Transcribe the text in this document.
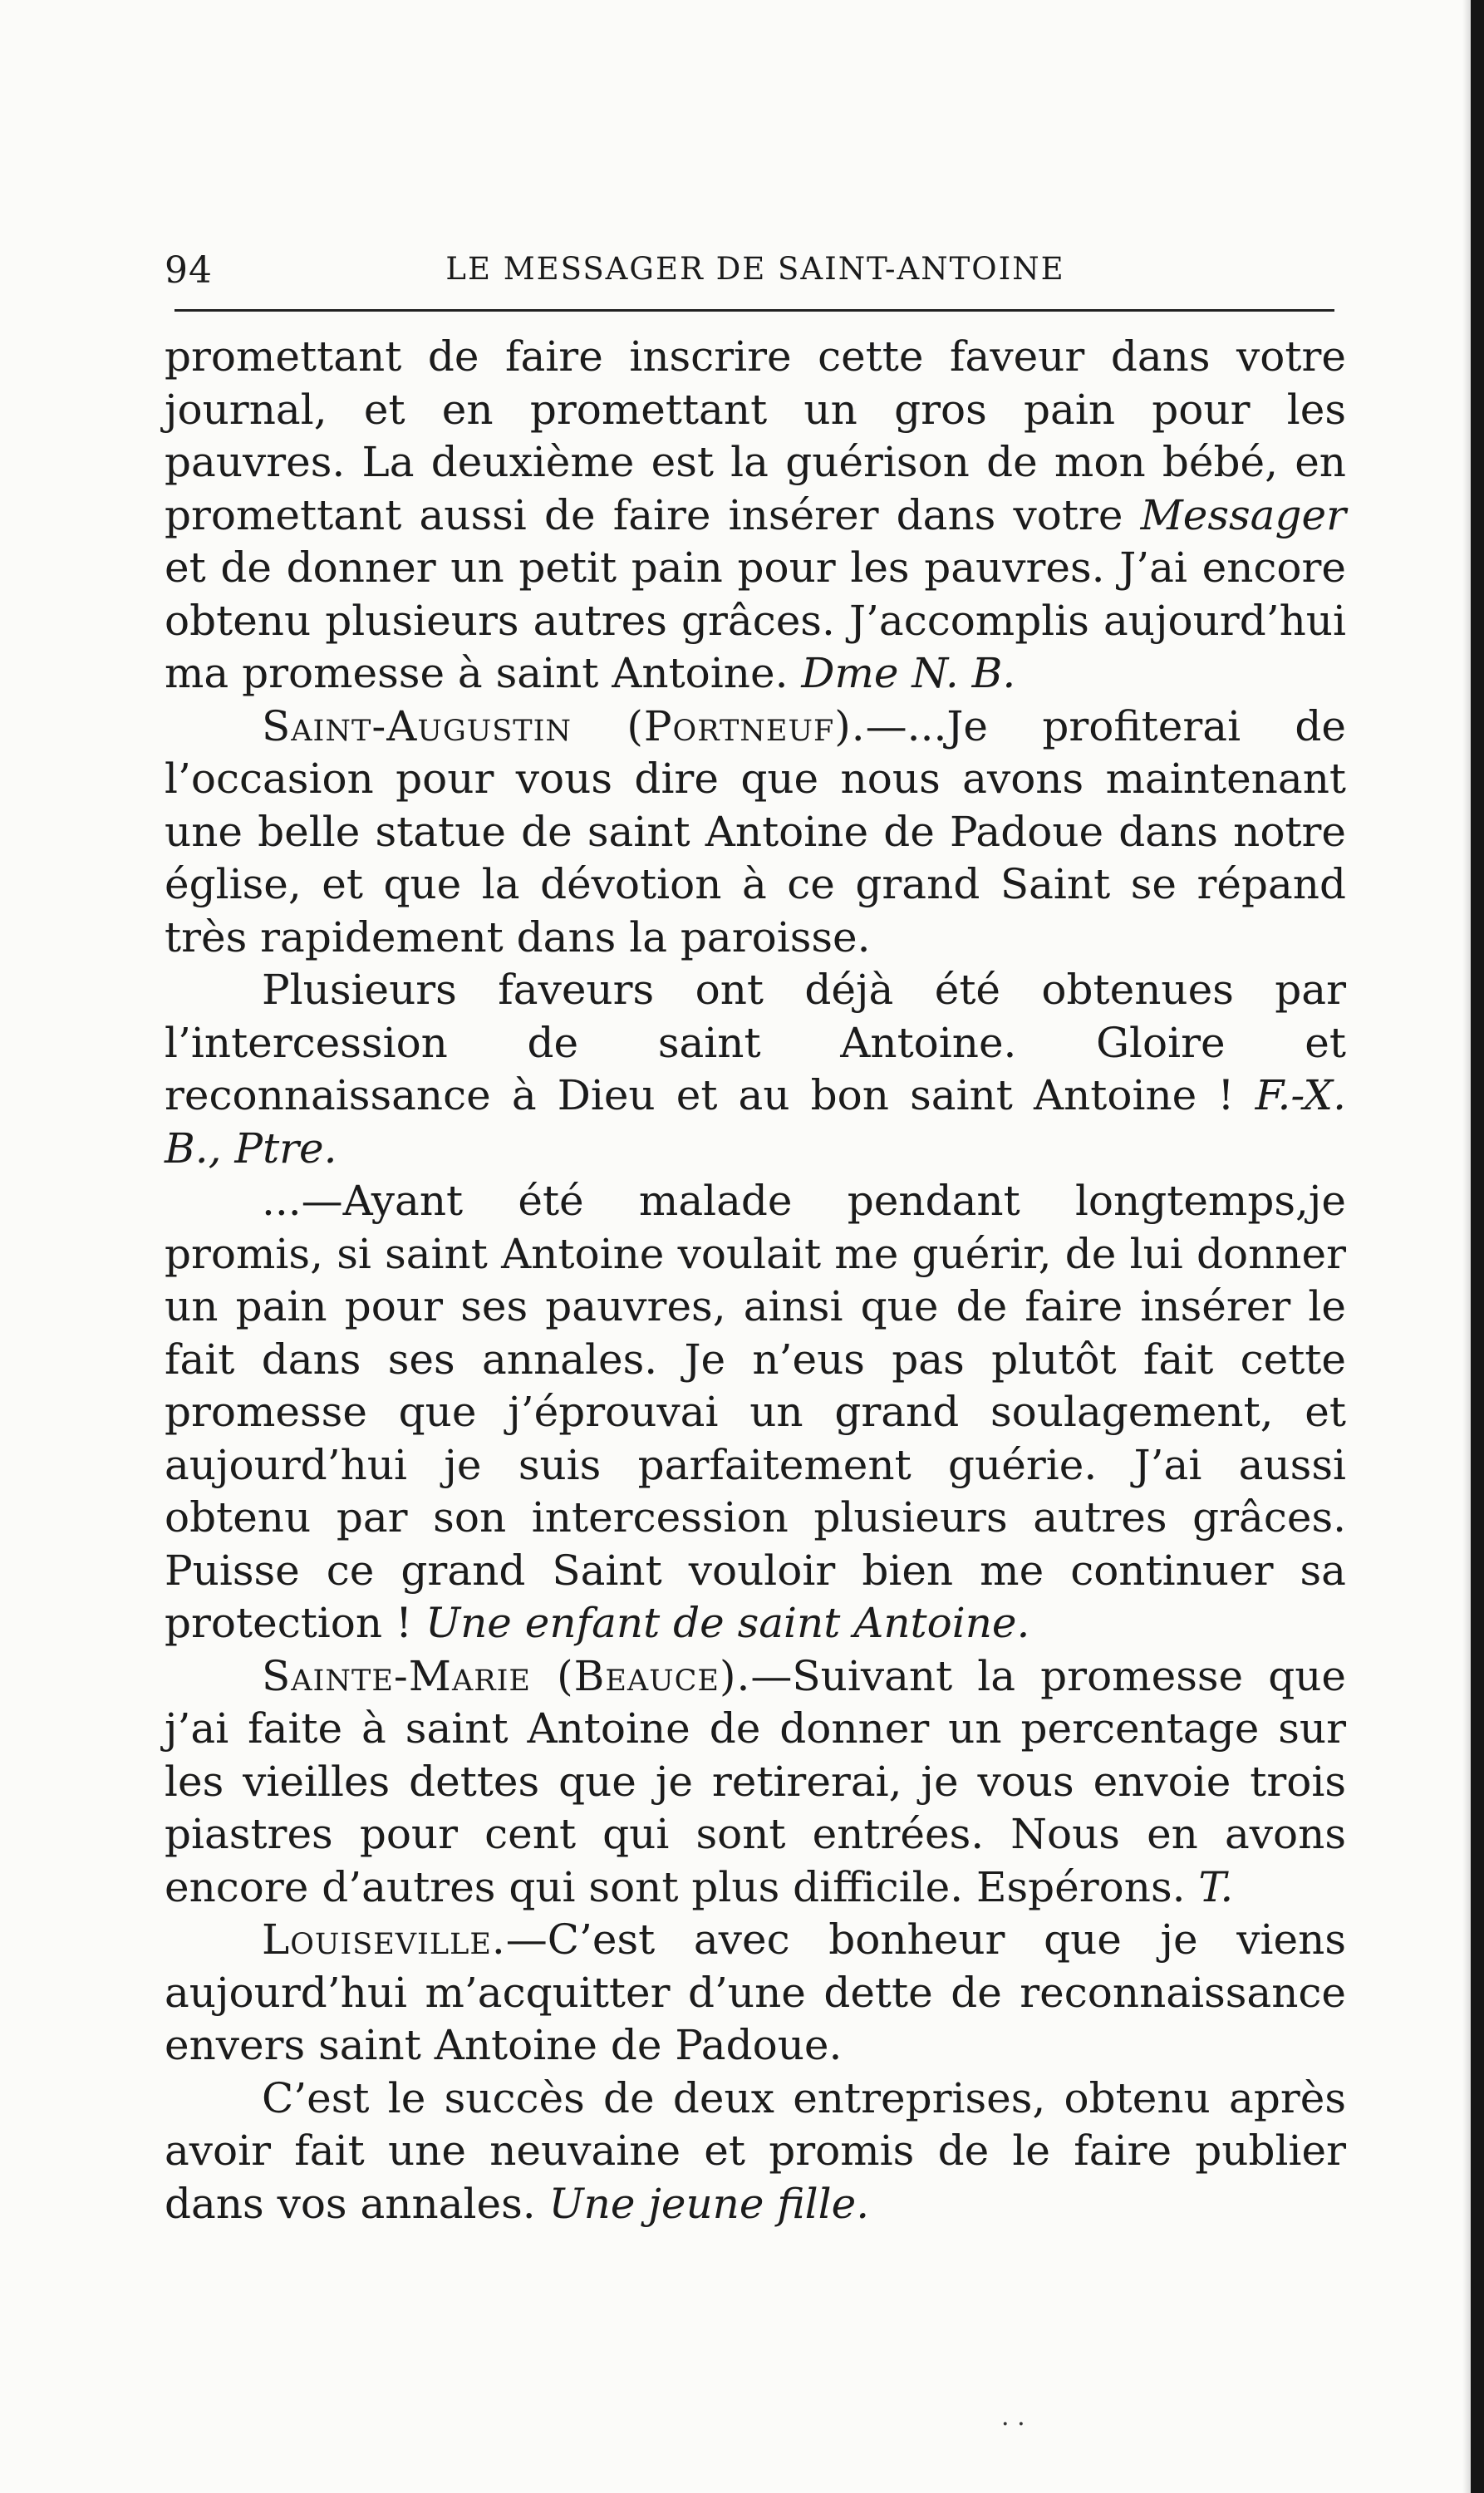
94	LE MESSAGER DE SAINT-ANTOINE

promettant de faire inscrire cette faveur dans votre journal, et en promettant un gros pain pour les pauvres. La deuxième est la guérison de mon bébé, en promettant aussi de faire insérer dans votre Messager et de donner un petit pain pour les pauvres. J’ai encore obtenu plusieurs autres grâces. J’accomplis aujourd’hui ma promesse à saint Antoine. Dme N. B.

Saint-Augustin (Portneuf).—...Je profiterai de l’occasion pour vous dire que nous avons maintenant une belle statue de saint Antoine de Padoue dans notre église, et que la dévotion à ce grand Saint se répand très rapidement dans la paroisse.

Plusieurs faveurs ont déjà été obtenues par l’intercession de saint Antoine. Gloire et reconnaissance à Dieu et au bon saint Antoine ! F.-X. B., Ptre.

...—Ayant été malade pendant longtemps,je promis, si saint Antoine voulait me guérir, de lui donner un pain pour ses pauvres, ainsi que de faire insérer le fait dans ses annales. Je n’eus pas plutôt fait cette promesse que j’éprouvai un grand soulagement, et aujourd’hui je suis parfaitement guérie. J’ai aussi obtenu par son intercession plusieurs autres grâces. Puisse ce grand Saint vouloir bien me continuer sa protection ! Une enfant de saint Antoine.

Sainte-Marie (Beauce).—Suivant la promesse que j’ai faite à saint Antoine de donner un percentage sur les vieilles dettes que je retirerai, je vous envoie trois piastres pour cent qui sont entrées. Nous en avons encore d’autres qui sont plus difficile. Espérons. T.

Louiseville.—C’est avec bonheur que je viens aujourd’hui m’acquitter d’une dette de reconnaissance envers saint Antoine de Padoue.

C’est le succès de deux entreprises, obtenu après avoir fait une neuvaine et promis de le faire publier dans vos annales. Une jeune fille.

· ·
